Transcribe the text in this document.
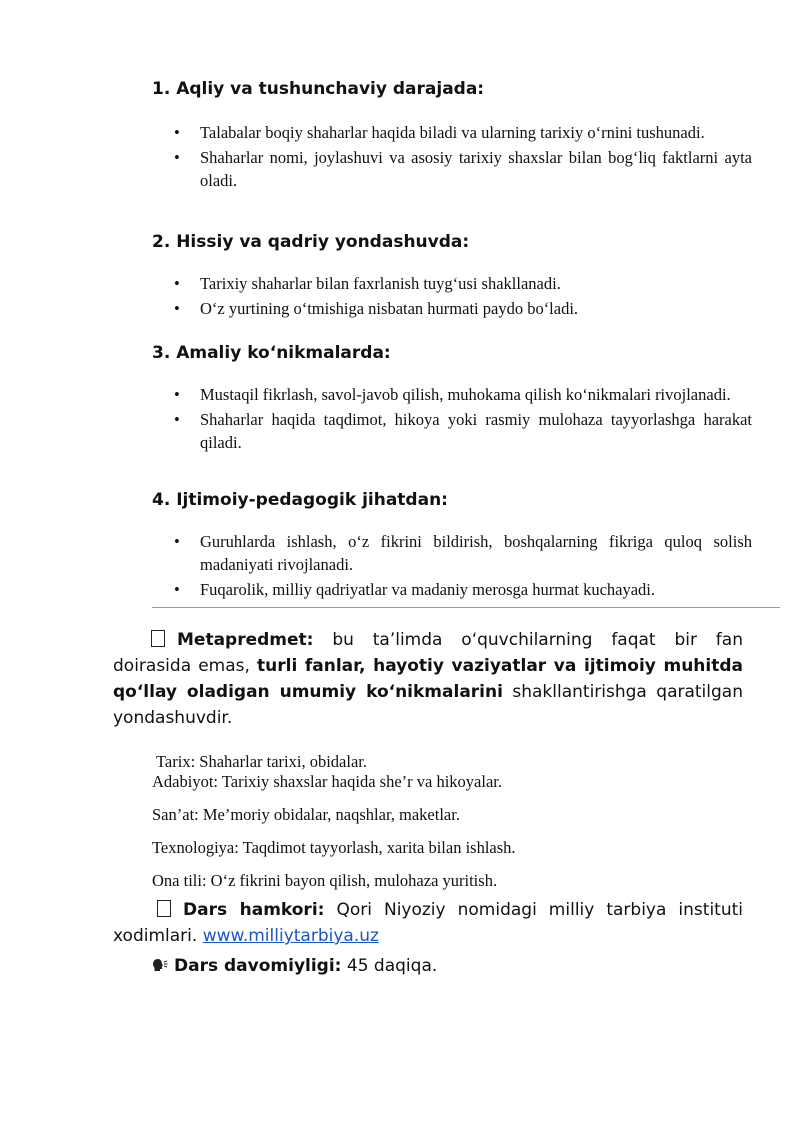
1. Aqliy va tushunchaviy darajada:
• Talabalar boqiy shaharlar haqida biladi va ularning tarixiy o‘rnini tushunadi.
• Shaharlar nomi, joylashuvi va asosiy tarixiy shaxslar bilan bog‘liq faktlarni ayta oladi.
2. Hissiy va qadriy yondashuvda:
• Tarixiy shaharlar bilan faxrlanish tuyg‘usi shakllanadi.
• O‘z yurtining o‘tmishiga nisbatan hurmati paydo bo‘ladi.
3. Amaliy ko‘nikmalarda:
• Mustaqil fikrlash, savol-javob qilish, muhokama qilish ko‘nikmalari rivojlanadi.
• Shaharlar haqida taqdimot, hikoya yoki rasmiy mulohaza tayyorlashga harakat qiladi.
4. Ijtimoiy-pedagogik jihatdan:
• Guruhlarda ishlash, o‘z fikrini bildirish, boshqalarning fikriga quloq solish madaniyati rivojlanadi.
• Fuqarolik, milliy qadriyatlar va madaniy merosga hurmat kuchayadi.

Metapredmet: bu ta’limda o‘quvchilarning faqat bir fan doirasida emas, turli fanlar, hayotiy vaziyatlar va ijtimoiy muhitda qo‘llay oladigan umumiy ko‘nikmalarini shakllantirishga qaratilgan yondashuvdir.

Tarix: Shaharlar tarixi, obidalar.
Adabiyot: Tarixiy shaxslar haqida she’r va hikoyalar.
San’at: Me’moriy obidalar, naqshlar, maketlar.
Texnologiya: Taqdimot tayyorlash, xarita bilan ishlash.
Ona tili: O‘z fikrini bayon qilish, mulohaza yuritish.

Dars hamkori: Qori Niyoziy nomidagi milliy tarbiya instituti xodimlari. www.milliytarbiya.uz

Dars davomiyligi: 45 daqiqa.
